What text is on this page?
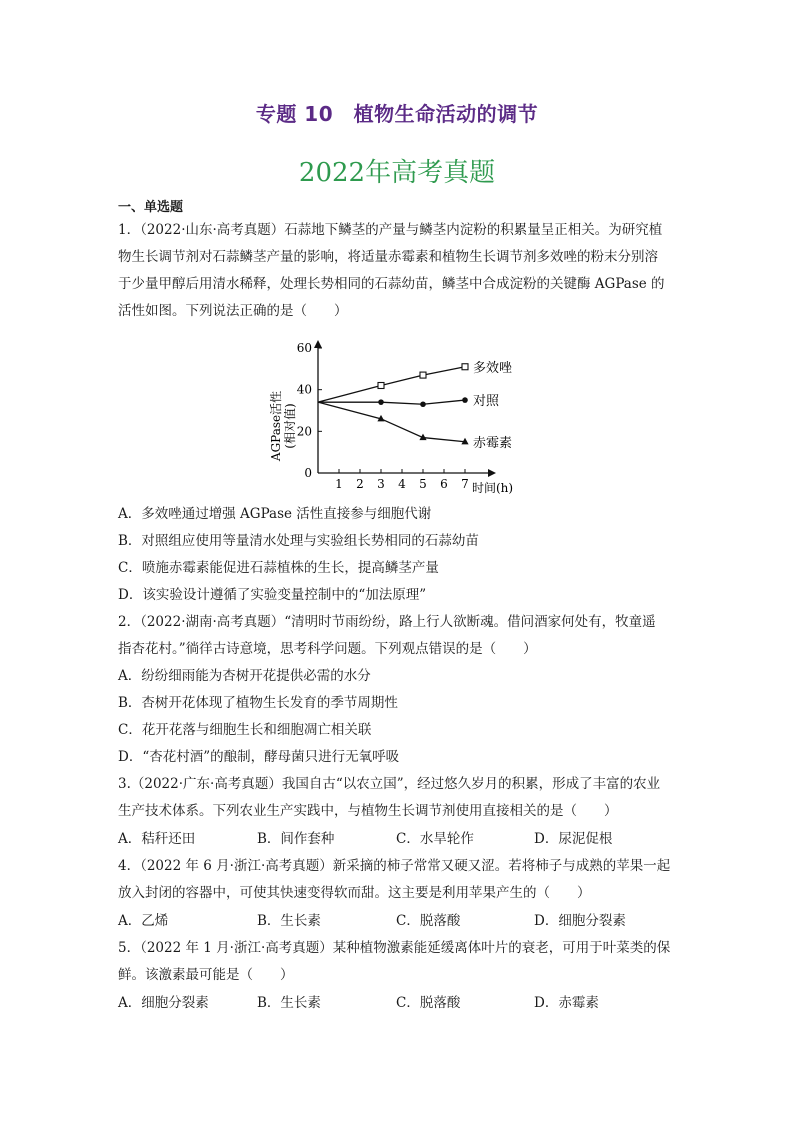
专题 10　植物生命活动的调节
2022年高考真题
一、单选题
1．（2022·山东·高考真题）石蒜地下鳞茎的产量与鳞茎内淀粉的积累量呈正相关。为研究植
物生长调节剂对石蒜鳞茎产量的影响，将适量赤霉素和植物生长调节剂多效唑的粉末分别溶
于少量甲醇后用清水稀释，处理长势相同的石蒜幼苗，鳞茎中合成淀粉的关键酶 AGPase 的
活性如图。下列说法正确的是（　　）
0
20
40
60
1 2 3 4 5 6 7
多效唑
对照
赤霉素
AGPase活性 (相对值)
时间(h)
A．多效唑通过增强 AGPase 活性直接参与细胞代谢
B．对照组应使用等量清水处理与实验组长势相同的石蒜幼苗
C．喷施赤霉素能促进石蒜植株的生长，提高鳞茎产量
D．该实验设计遵循了实验变量控制中的“加法原理”
2．（2022·湖南·高考真题）“清明时节雨纷纷，路上行人欲断魂。借问酒家何处有，牧童遥
指杏花村。”徜徉古诗意境，思考科学问题。下列观点错误的是（　　）
A．纷纷细雨能为杏树开花提供必需的水分
B．杏树开花体现了植物生长发育的季节周期性
C．花开花落与细胞生长和细胞凋亡相关联
D．“杏花村酒”的酿制，酵母菌只进行无氧呼吸
3.（2022·广东·高考真题）我国自古“以农立国”，经过悠久岁月的积累，形成了丰富的农业
生产技术体系。下列农业生产实践中，与植物生长调节剂使用直接相关的是（　　）
A．秸秆还田	B．间作套种	C．水旱轮作	D．尿泥促根
4．（2022 年 6 月·浙江·高考真题）新采摘的柿子常常又硬又涩。若将柿子与成熟的苹果一起
放入封闭的容器中，可使其快速变得软而甜。这主要是利用苹果产生的（　　）
A．乙烯	B．生长素	C．脱落酸	D．细胞分裂素
5．（2022 年 1 月·浙江·高考真题）某种植物激素能延缓离体叶片的衰老，可用于叶菜类的保
鲜。该激素最可能是（　　）
A．细胞分裂素	B．生长素	C．脱落酸	D．赤霉素
